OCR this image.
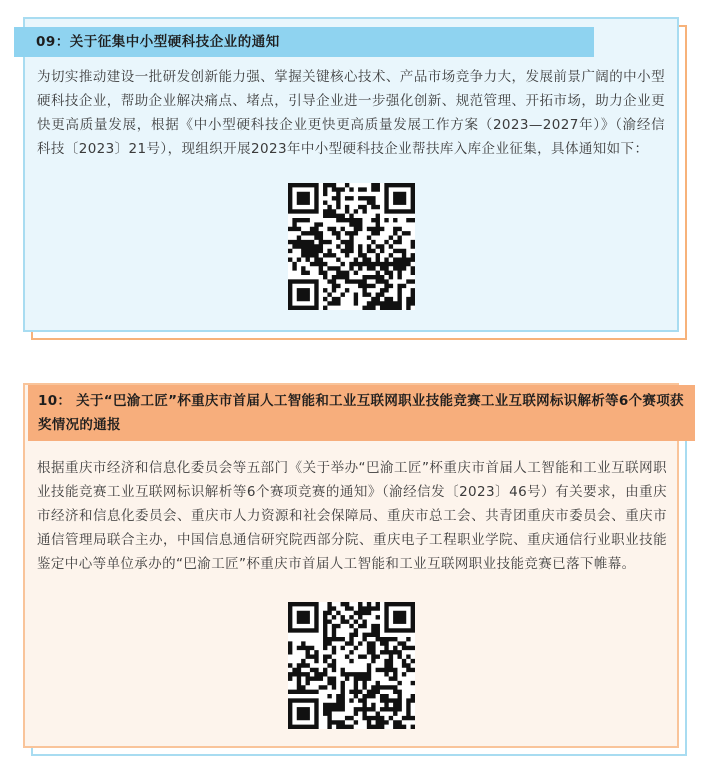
09：关于征集中小型硬科技企业的通知

为切实推动建设一批研发创新能力强、掌握关键核心技术、产品市场竞争力大，发展前景广阔的中小型硬科技企业，帮助企业解决痛点、堵点，引导企业进一步强化创新、规范管理、开拓市场，助力企业更快更高质量发展，根据《中小型硬科技企业更快更高质量发展工作方案（2023—2027年）》（渝经信科技〔2023〕21号），现组织开展2023年中小型硬科技企业帮扶库入库企业征集，具体通知如下：

10： 关于“巴渝工匠”杯重庆市首届人工智能和工业互联网职业技能竞赛工业互联网标识解析等6个赛项获奖情况的通报

根据重庆市经济和信息化委员会等五部门《关于举办“巴渝工匠”杯重庆市首届人工智能和工业互联网职业技能竞赛工业互联网标识解析等6个赛项竞赛的通知》（渝经信发〔2023〕46号）有关要求，由重庆市经济和信息化委员会、重庆市人力资源和社会保障局、重庆市总工会、共青团重庆市委员会、重庆市通信管理局联合主办，中国信息通信研究院西部分院、重庆电子工程职业学院、重庆通信行业职业技能鉴定中心等单位承办的“巴渝工匠”杯重庆市首届人工智能和工业互联网职业技能竞赛已落下帷幕。
